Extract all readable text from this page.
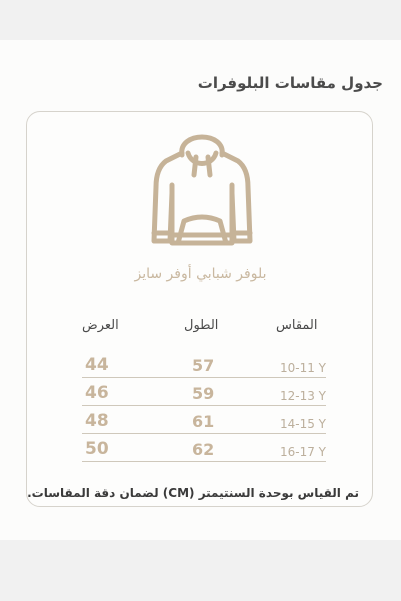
جدول مقاسات البلوفرات
بلوفر شبابي أوفر سايز
العرض	الطول	المقاس
44	57	10-11 Y
46	59	12-13 Y
48	61	14-15 Y
50	62	16-17 Y
تم القياس بوحدة السنتيمتر (CM) لضمان دقة المقاسات.
